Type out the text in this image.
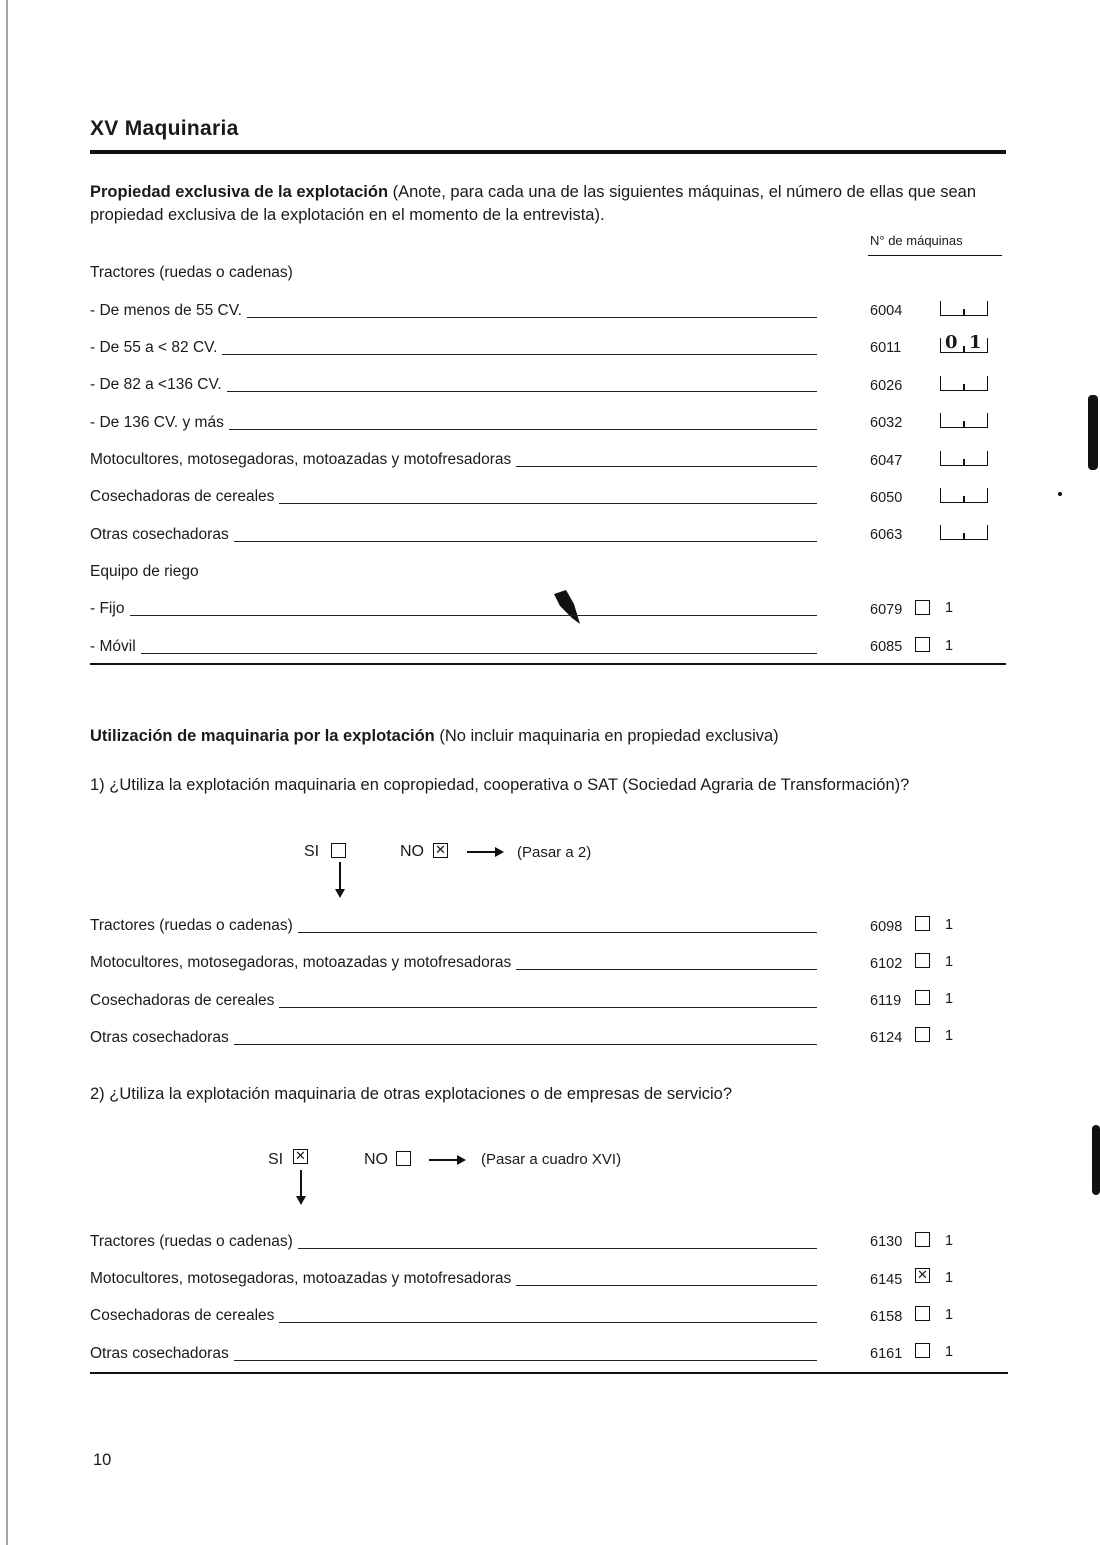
XV Maquinaria
Propiedad exclusiva de la explotación (Anote, para cada una de las siguientes máquinas, el número de ellas que sean propiedad exclusiva de la explotación en el momento de la entrevista).
N° de máquinas
Tractores (ruedas o cadenas)
- De menos de 55 CV.	6004
- De 55 a < 82 CV.	6011 0 1
- De 82 a <136 CV.	6026
- De 136 CV. y más	6032
Motocultores, motosegadoras, motoazadas y motofresadoras	6047
Cosechadoras de cereales	6050
Otras cosechadoras	6063
Equipo de riego
- Fijo	6079	1
- Móvil	6085	1
Utilización de maquinaria por la explotación (No incluir maquinaria en propiedad exclusiva)
1) ¿Utiliza la explotación maquinaria en copropiedad, cooperativa o SAT (Sociedad Agraria de Transformación)?
SI	NO ✕	(Pasar a 2)
Tractores (ruedas o cadenas)	6098	1
Motocultores, motosegadoras, motoazadas y motofresadoras	6102	1
Cosechadoras de cereales	6119	1
Otras cosechadoras	6124	1
2) ¿Utiliza la explotación maquinaria de otras explotaciones o de empresas de servicio?
SI ✕	NO	(Pasar a cuadro XVI)
Tractores (ruedas o cadenas)	6130	1
Motocultores, motosegadoras, motoazadas y motofresadoras	6145 ✕ 1
Cosechadoras de cereales	6158	1
Otras cosechadoras	6161	1
10
